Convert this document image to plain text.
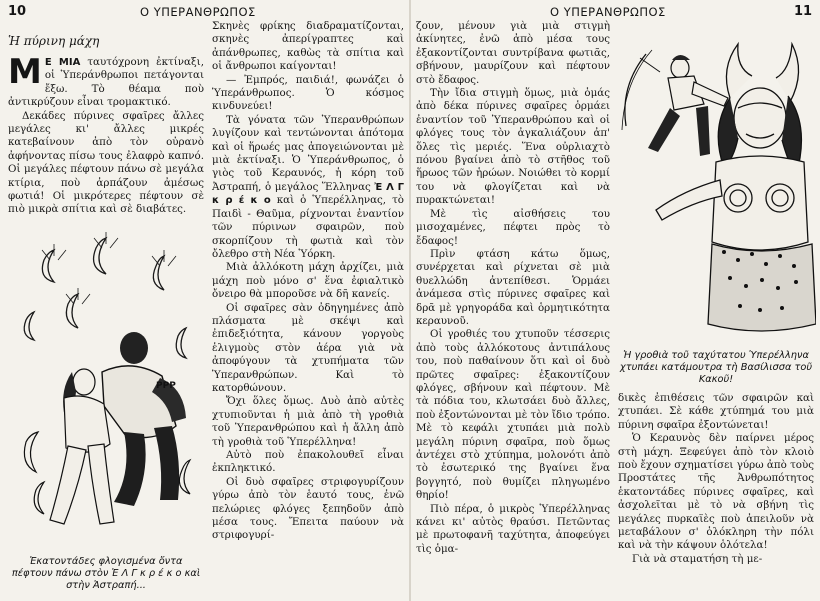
10	Ο ΥΠΕΡΑΝΘΡΩΠΟΣ
Ἡ πύρινη μάχη

Μ Ε ΜΙΑ ταυτόχρονη ἐκτίναξι, οἱ Ὑπεράνθρωποι πετάγονται ἔξω. Τὸ θέαμα ποὺ ἀντικρύζουν εἶναι τρομακτικό.

Δεκάδες πύρινες σφαῖρες ἄλλες μεγάλες κι' ἄλλες μικρές κατεβαίνουν ἀπὸ τὸν οὐρανὸ ἀφήνοντας πίσω τους ἐλαφρὸ καπνό. Οἱ μεγάλες πέφτουν πάνω σὲ μεγάλα κτίρια, ποὺ ἀρπάζουν ἀμέσως φωτιά! Οἱ μικρότερες πέφτουν σὲ πιὸ μικρὰ σπίτια καὶ σὲ διαβάτες.

PPP
Ἑκατοντάδες φλογισμένα ὄντα πέφτουν πάνω στὸν Ἐ Λ Γ κ ρ έ κ ο καὶ στὴν Ἀστραπή...

Σκηνὲς φρίκης διαδραματίζονται, σκηνὲς ἀπερίγραπτες καὶ ἀπάνθρωπες, καθὼς τὰ σπίτια καὶ οἱ ἄνθρωποι καίγονται!

— Ἐμπρός, παιδιά!, φωνάζει ὁ Ὑπεράνθρωπος. Ὁ κόσμος κινδυνεύει!

Τὰ γόνατα τῶν Ὑπερανθρώπων λυγίζουν καὶ τεντώνονται ἀπότομα καὶ οἱ ἥρωές μας ἀπογειώνονται μὲ μιὰ ἐκτίναξι. Ὁ Ὑπεράνθρωπος, ὁ γιὸς τοῦ Κεραυνός, ἡ κόρη τοῦ Ἀστραπή, ὁ μεγάλος Ἕλληνας Ἐ Λ Γ κ ρ έ κ ο καὶ ὁ Ὑπερέλληνας, τὸ Παιδὶ - Θαῦμα, ρίχνονται ἐναντίον τῶν πύρινων σφαιρῶν, ποὺ σκορπίζουν τὴ φωτιὰ καὶ τὸν ὄλεθρο στὴ Νέα Ὑόρκη.

Μιὰ ἀλλόκοτη μάχη ἀρχίζει, μιὰ μάχη ποὺ μόνο σ' ἕνα ἐφιαλτικὸ ὄνειρο θὰ μποροῦσε νὰ δῆ κανείς.

Οἱ σφαῖρες σὰν ὀδηγημένες ἀπὸ πλάσματα μὲ σκέψι καὶ ἐπιδεξιότητα, κάνουν γοργοὺς ἑλιγμοὺς στὸν ἀέρα γιὰ νὰ ἀποφύγουν τὰ χτυπήματα τῶν Ὑπερανθρώπων. Καὶ τὸ κατορθώνουν.

Ὄχι ὅλες ὅμως. Δυὸ ἀπὸ αὐτὲς χτυπιοῦνται ἡ μιὰ ἀπὸ τὴ γροθιὰ τοῦ Ὑπερανθρώπου καὶ ἡ ἄλλη ἀπὸ τὴ γροθιὰ τοῦ Ὑπερέλληνα!

Αὐτὸ ποὺ ἐπακολουθεῖ εἶναι ἐκπληκτικό.

Οἱ δυὸ σφαῖρες στριφογυρίζουν γύρω ἀπὸ τὸν ἑαυτό τους, ἐνῶ πελώριες φλόγες ξεπηδοῦν ἀπὸ μέσα τους. Ἔπειτα παύουν νὰ στριφογυρί-

Ο ΥΠΕΡΑΝΘΡΩΠΟΣ	11

ζουν, μένουν γιὰ μιὰ στιγμὴ ἀκίνητες, ἐνῶ ἀπὸ μέσα τους ἐξακοντίζονται συντρίβανα φωτιᾶς, σβήνουν, μαυρίζουν καὶ πέφτουν στὸ ἔδαφος.

Τὴν ἴδια στιγμὴ ὅμως, μιὰ ὁμάς ἀπὸ δέκα πύρινες σφαῖρες ὁρμάει ἐναντίον τοῦ Ὑπερανθρώπου καὶ οἱ φλόγες τους τὸν ἀγκαλιάζουν ἀπ' ὅλες τὶς μεριές. Ἕνα οὐρλιαχτὸ πόνου βγαίνει ἀπὸ τὸ στῆθος τοῦ ἥρωος τῶν ἡρώων. Νοιώθει τὸ κορμί του νὰ φλογίζεται καὶ νὰ πυρακτώνεται!

Μὲ τὶς αἰσθήσεις του μισοχαμένες, πέφτει πρὸς τὸ ἔδαφος!

Πρὶν φτάση κάτω ὅμως, συνέρχεται καὶ ρίχνεται σὲ μιὰ θυελλώδη ἀντεπίθεσι. Ὁρμάει ἀνάμεσα στὶς πύρινες σφαῖρες καὶ δρᾶ μὲ γρηγοράδα καὶ ὁρμητικότητα κεραυνοῦ.

Οἱ γροθιές του χτυποῦν τέσσερις ἀπὸ τοὺς ἀλλόκοτους ἀντιπάλους του, ποὺ παθαίνουν ὅτι καὶ οἱ δυὸ πρῶτες σφαῖρες: ἐξακοντίζουν φλόγες, σβήνουν καὶ πέφτουν. Μὲ τὰ πόδια του, κλωτσάει δυὸ ἄλλες, ποὺ ἐξοντώνονται μὲ τὸν ἴδιο τρόπο. Μὲ τὸ κεφάλι χτυπάει μιὰ πολὺ μεγάλη πύρινη σφαῖρα, ποὺ ὅμως ἀντέχει στὸ χτύπημα, μολονότι ἀπὸ τὸ ἐσωτερικό της βγαίνει ἕνα βογγητό, ποὺ θυμίζει πληγωμένο θηρίο!

Πιὸ πέρα, ὁ μικρὸς Ὑπερέλληνας κάνει κι' αὐτὸς θραύσι. Πετῶντας μὲ πρωτοφανῆ ταχύτητα, ἀποφεύγει τὶς ὁμα-

Ἡ γροθιὰ τοῦ ταχύτατου Ὑπερέλληνα χτυπάει κατάμουτρα τὴ Βασίλισσα τοῦ Κακοῦ!

δικὲς ἐπιθέσεις τῶν σφαιρῶν καὶ χτυπάει. Σὲ κάθε χτύπημά του μιὰ πύρινη σφαῖρα ἐξοντώνεται!

Ὁ Κεραυνὸς δὲν παίρνει μέρος στὴ μάχη. Ξεφεύγει ἀπὸ τὸν κλοιὸ ποὺ ἔχουν σχηματίσει γύρω ἀπὸ τοὺς Προστάτες τῆς Ἀνθρωπότητος ἑκατοντάδες πύρινες σφαῖρες, καὶ ἀσχολεῖται μὲ τὸ νὰ σβήνη τὶς μεγάλες πυρκαϊὲς ποὺ ἀπειλοῦν νὰ μεταβάλουν σ' ὁλόκληρη τὴν πόλι καὶ νὰ τὴν κάψουν ὁλότελα!

Γιὰ νὰ σταματήση τὴ με-
